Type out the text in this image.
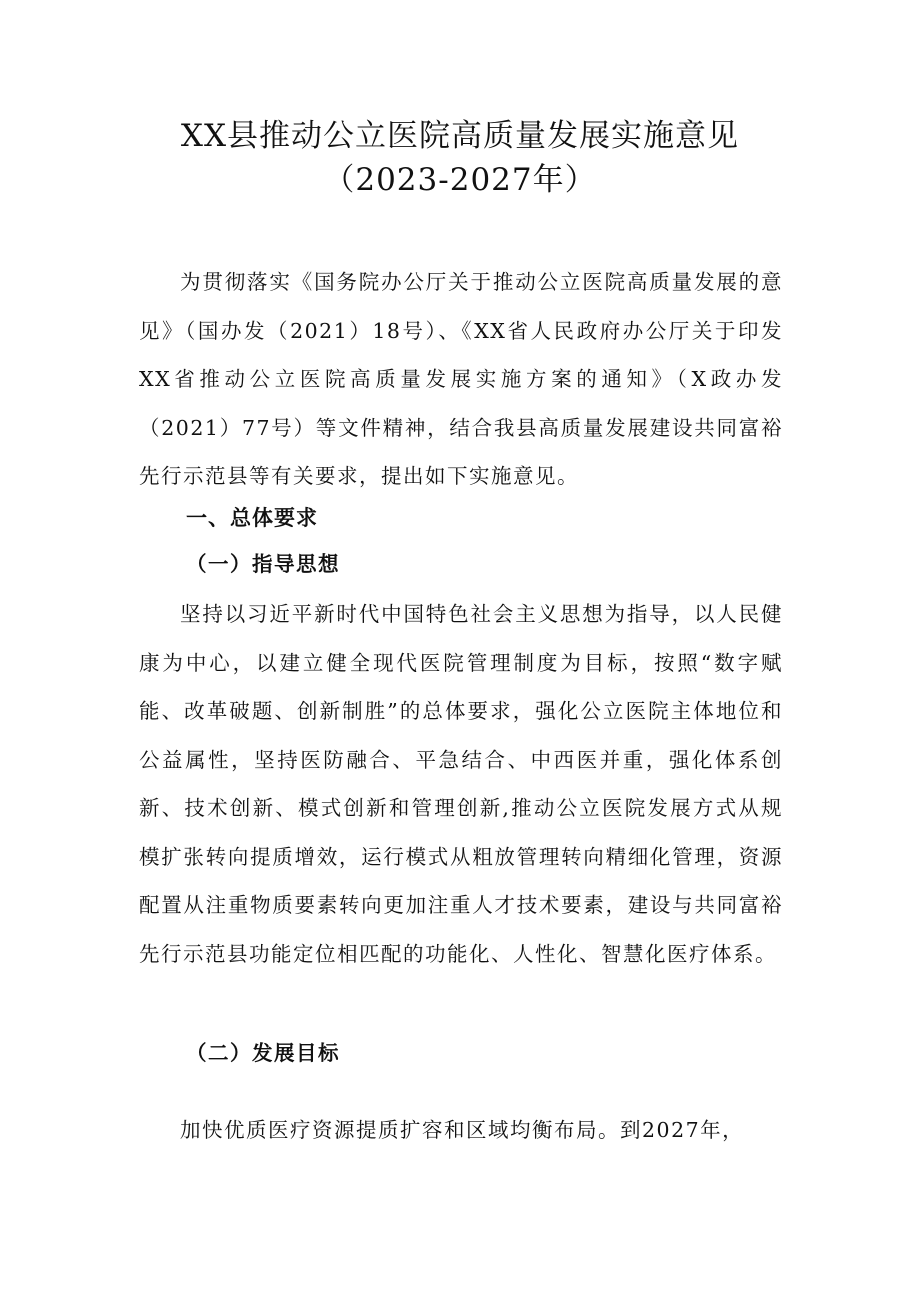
XX县推动公立医院高质量发展实施意见
（2023-2027年）

为贯彻落实《国务院办公厅关于推动公立医院高质量发展的意见》（国办发（2021）18号）、《XX省人民政府办公厅关于印发XX省推动公立医院高质量发展实施方案的通知》（X政办发（2021）77号）等文件精神，结合我县高质量发展建设共同富裕先行示范县等有关要求，提出如下实施意见。

一、总体要求
（一）指导思想

坚持以习近平新时代中国特色社会主义思想为指导，以人民健康为中心，以建立健全现代医院管理制度为目标，按照“数字赋能、改革破题、创新制胜”的总体要求，强化公立医院主体地位和公益属性，坚持医防融合、平急结合、中西医并重，强化体系创新、技术创新、模式创新和管理创新,推动公立医院发展方式从规模扩张转向提质增效，运行模式从粗放管理转向精细化管理，资源配置从注重物质要素转向更加注重人才技术要素，建设与共同富裕先行示范县功能定位相匹配的功能化、人性化、智慧化医疗体系。

（二）发展目标

加快优质医疗资源提质扩容和区域均衡布局。到2027年，
